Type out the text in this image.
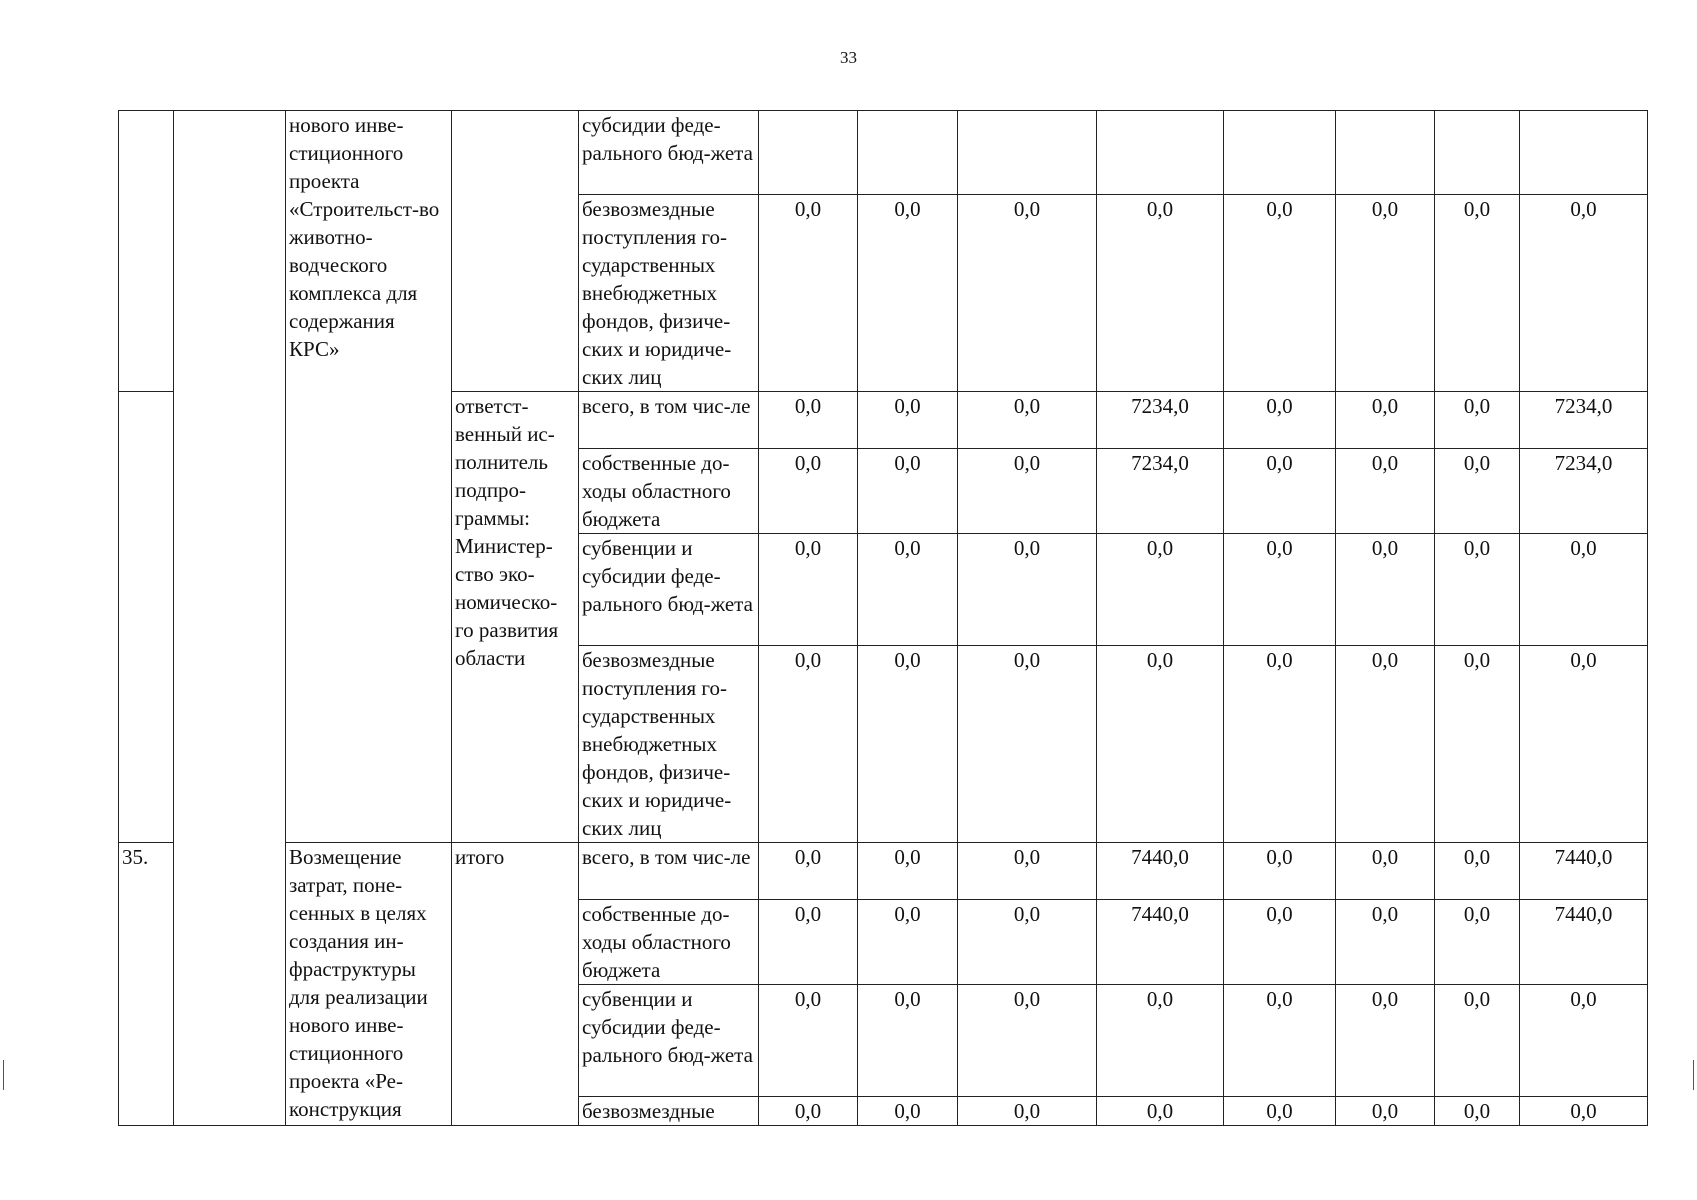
33
		нового инве-стиционного проекта «Строительст-во животно-водческого комплекса для содержания КРС»		субсидии феде-рального бюд-жета								
				безвозмездные поступления го-сударственных внебюджетных фондов, физиче-ских и юридиче-ских лиц	0,0	0,0	0,0	0,0	0,0	0,0	0,0	0,0
			ответст-венный ис-полнитель подпро-граммы: Министер-ство эко-номическо-го развития области	всего, в том чис-ле	0,0	0,0	0,0	7234,0	0,0	0,0	0,0	7234,0
				собственные до-ходы областного бюджета	0,0	0,0	0,0	7234,0	0,0	0,0	0,0	7234,0
				субвенции и субсидии феде-рального бюд-жета	0,0	0,0	0,0	0,0	0,0	0,0	0,0	0,0
				безвозмездные поступления го-сударственных внебюджетных фондов, физиче-ских и юридиче-ских лиц	0,0	0,0	0,0	0,0	0,0	0,0	0,0	0,0
35.		Возмещение затрат, поне-сенных в целях создания ин-фраструктуры для реализации нового инве-стиционного проекта «Ре-конструкция	итого	всего, в том чис-ле	0,0	0,0	0,0	7440,0	0,0	0,0	0,0	7440,0
				собственные до-ходы областного бюджета	0,0	0,0	0,0	7440,0	0,0	0,0	0,0	7440,0
				субвенции и субсидии феде-рального бюд-жета	0,0	0,0	0,0	0,0	0,0	0,0	0,0	0,0
				безвозмездные	0,0	0,0	0,0	0,0	0,0	0,0	0,0	0,0
